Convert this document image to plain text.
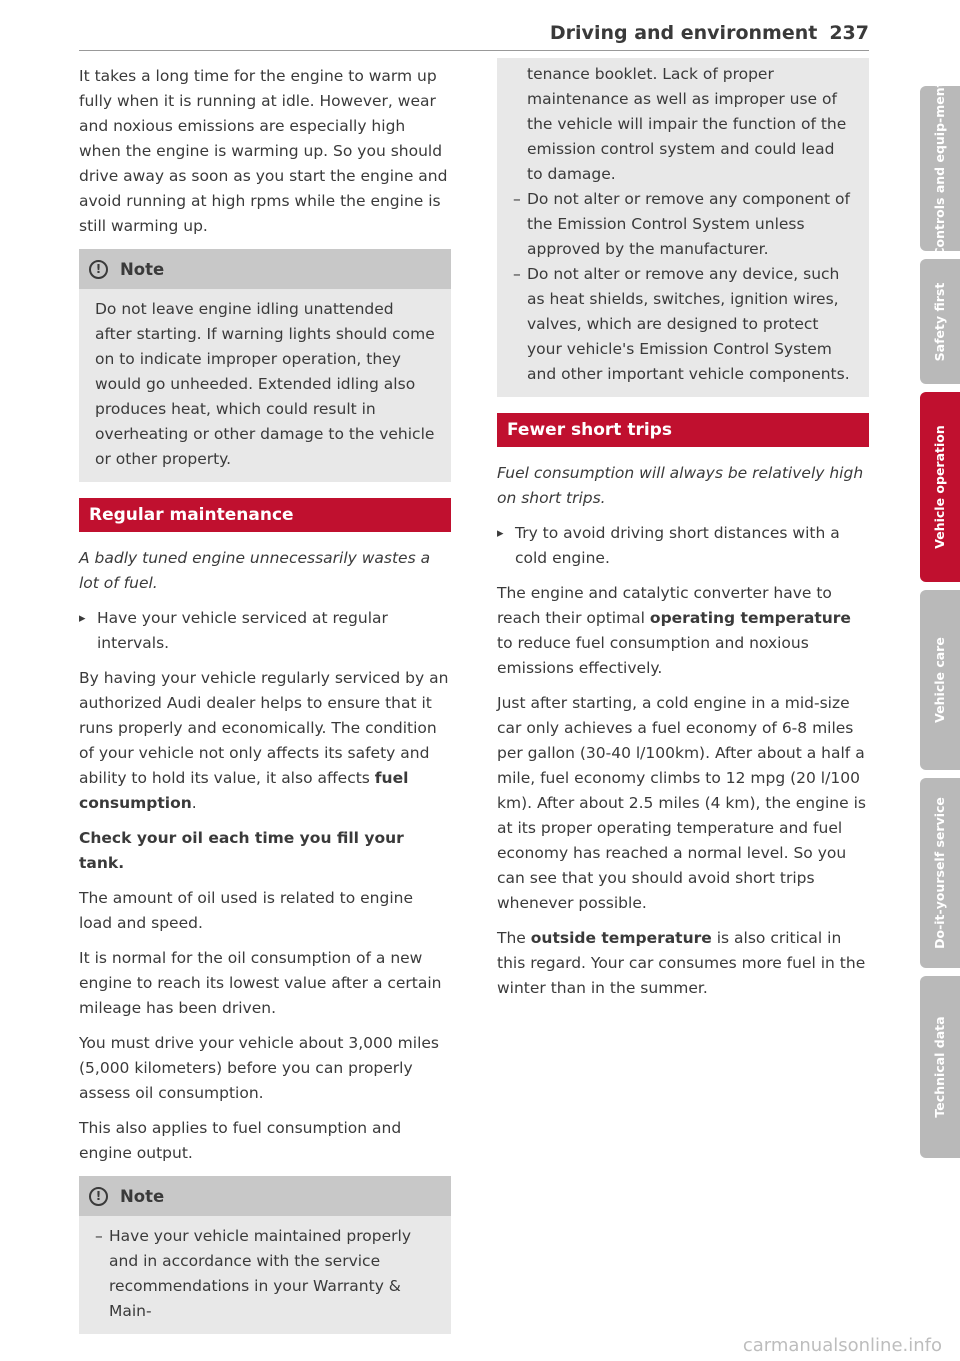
Driving and environment 237

It takes a long time for the engine to warm up fully when it is running at idle. However, wear and noxious emissions are especially high when the engine is warming up. So you should drive away as soon as you start the engine and avoid running at high rpms while the engine is still warming up.

!	Note
Do not leave engine idling unattended after starting. If warning lights should come on to indicate improper operation, they would go unheeded. Extended idling also produces heat, which could result in overheating or other damage to the vehicle or other property.
Regular maintenance

A badly tuned engine unnecessarily wastes a lot of fuel.

▸ Have your vehicle serviced at regular intervals.

By having your vehicle regularly serviced by an authorized Audi dealer helps to ensure that it runs properly and economically. The condition of your vehicle not only affects its safety and ability to hold its value, it also affects fuel consumption.

Check your oil each time you fill your tank.

The amount of oil used is related to engine load and speed.

It is normal for the oil consumption of a new engine to reach its lowest value after a certain mileage has been driven.

You must drive your vehicle about 3,000 miles (5,000 kilometers) before you can properly assess oil consumption.

This also applies to fuel consumption and engine output.

!	Note
– Have your vehicle maintained properly and in accordance with the service recommendations in your Warranty & Main-
tenance booklet. Lack of proper maintenance as well as improper use of the vehicle will impair the function of the emission control system and could lead to damage.
– Do not alter or remove any component of the Emission Control System unless approved by the manufacturer.
– Do not alter or remove any device, such as heat shields, switches, ignition wires, valves, which are designed to protect your vehicle's Emission Control System and other important vehicle components.
Fewer short trips

Fuel consumption will always be relatively high on short trips.

▸ Try to avoid driving short distances with a cold engine.

The engine and catalytic converter have to reach their optimal operating temperature to reduce fuel consumption and noxious emissions effectively.

Just after starting, a cold engine in a mid-size car only achieves a fuel economy of 6-8 miles per gallon (30-40 l/100km). After about a half a mile, fuel economy climbs to 12 mpg (20 l/100 km). After about 2.5 miles (4 km), the engine is at its proper operating temperature and fuel economy has reached a normal level. So you can see that you should avoid short trips whenever possible.

The outside temperature is also critical in this regard. Your car consumes more fuel in the winter than in the summer.

Controls and equip-ment
Safety first
Vehicle operation
Vehicle care
Do-it-yourself service
Technical data
carmanualsonline.info
